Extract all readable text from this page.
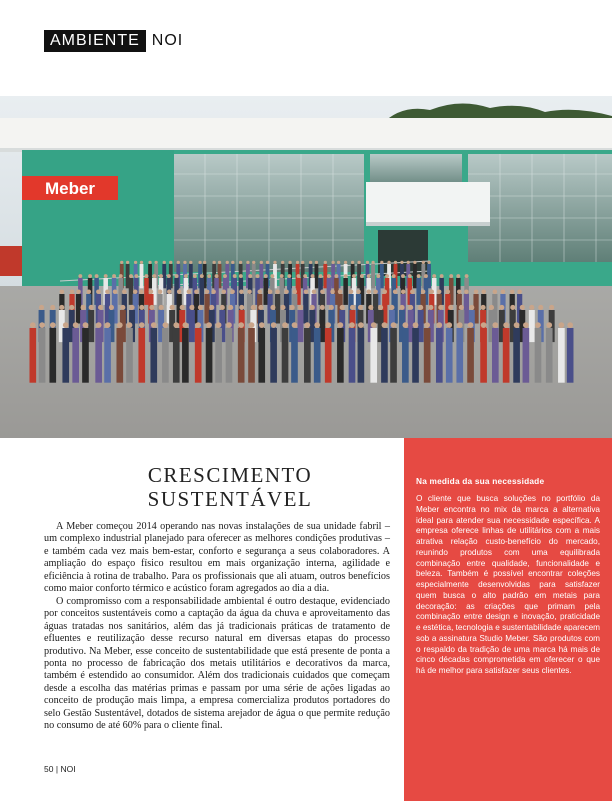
AMBIENTE NOI
Meber
CRESCIMENTO
SUSTENTÁVEL

A Meber começou 2014 operando nas novas instalações de sua unidade fabril – um complexo industrial planejado para oferecer as melhores condições produtivas – e também cada vez mais bem-estar, conforto e segurança a seus colaboradores. A ampliação do espaço físico resultou em mais organização interna, agilidade e eficiência à rotina de trabalho. Para os profissionais que ali atuam, outros benefícios como maior conforto térmico e acústico foram agregados ao dia a dia.

O compromisso com a responsabilidade ambiental é outro destaque, evidenciado por conceitos sustentáveis como a captação da água da chuva e aproveitamento das águas tratadas nos sanitários, além das já tradicionais práticas de tratamento de efluentes e reutilização desse recurso natural em diversas etapas do processo produtivo. Na Meber, esse conceito de sustentabilidade que está presente de ponta a ponta no processo de fabricação dos metais utilitários e decorativos da marca, também é estendido ao consumidor. Além dos tradicionais cuidados que começam desde a escolha das matérias primas e passam por uma série de ações ligadas ao conceito de produção mais limpa, a empresa comercializa produtos portadores do selo Gestão Sustentável, dotados de sistema arejador de água o que permite redução no consumo de até 60% para o cliente final.

Na medida da sua necessidade
O cliente que busca soluções no portfólio da Meber encontra no mix da marca a alternativa ideal para atender sua necessidade específica. A empresa oferece linhas de utilitários com a mais atrativa relação custo-benefício do mercado, reunindo produtos com uma equilibrada combinação entre qualidade, funcionalidade e beleza. Também é possível encontrar coleções especialmente desenvolvidas para satisfazer quem busca o alto padrão em metais para decoração: as criações que primam pela combinação entre design e inovação, praticidade e estética, tecnologia e sustentabilidade aparecem sob a assinatura Studio Meber. São produtos com o respaldo da tradição de uma marca há mais de cinco décadas comprometida em oferecer o que há de melhor para satisfazer seus clientes.
50 | NOI
